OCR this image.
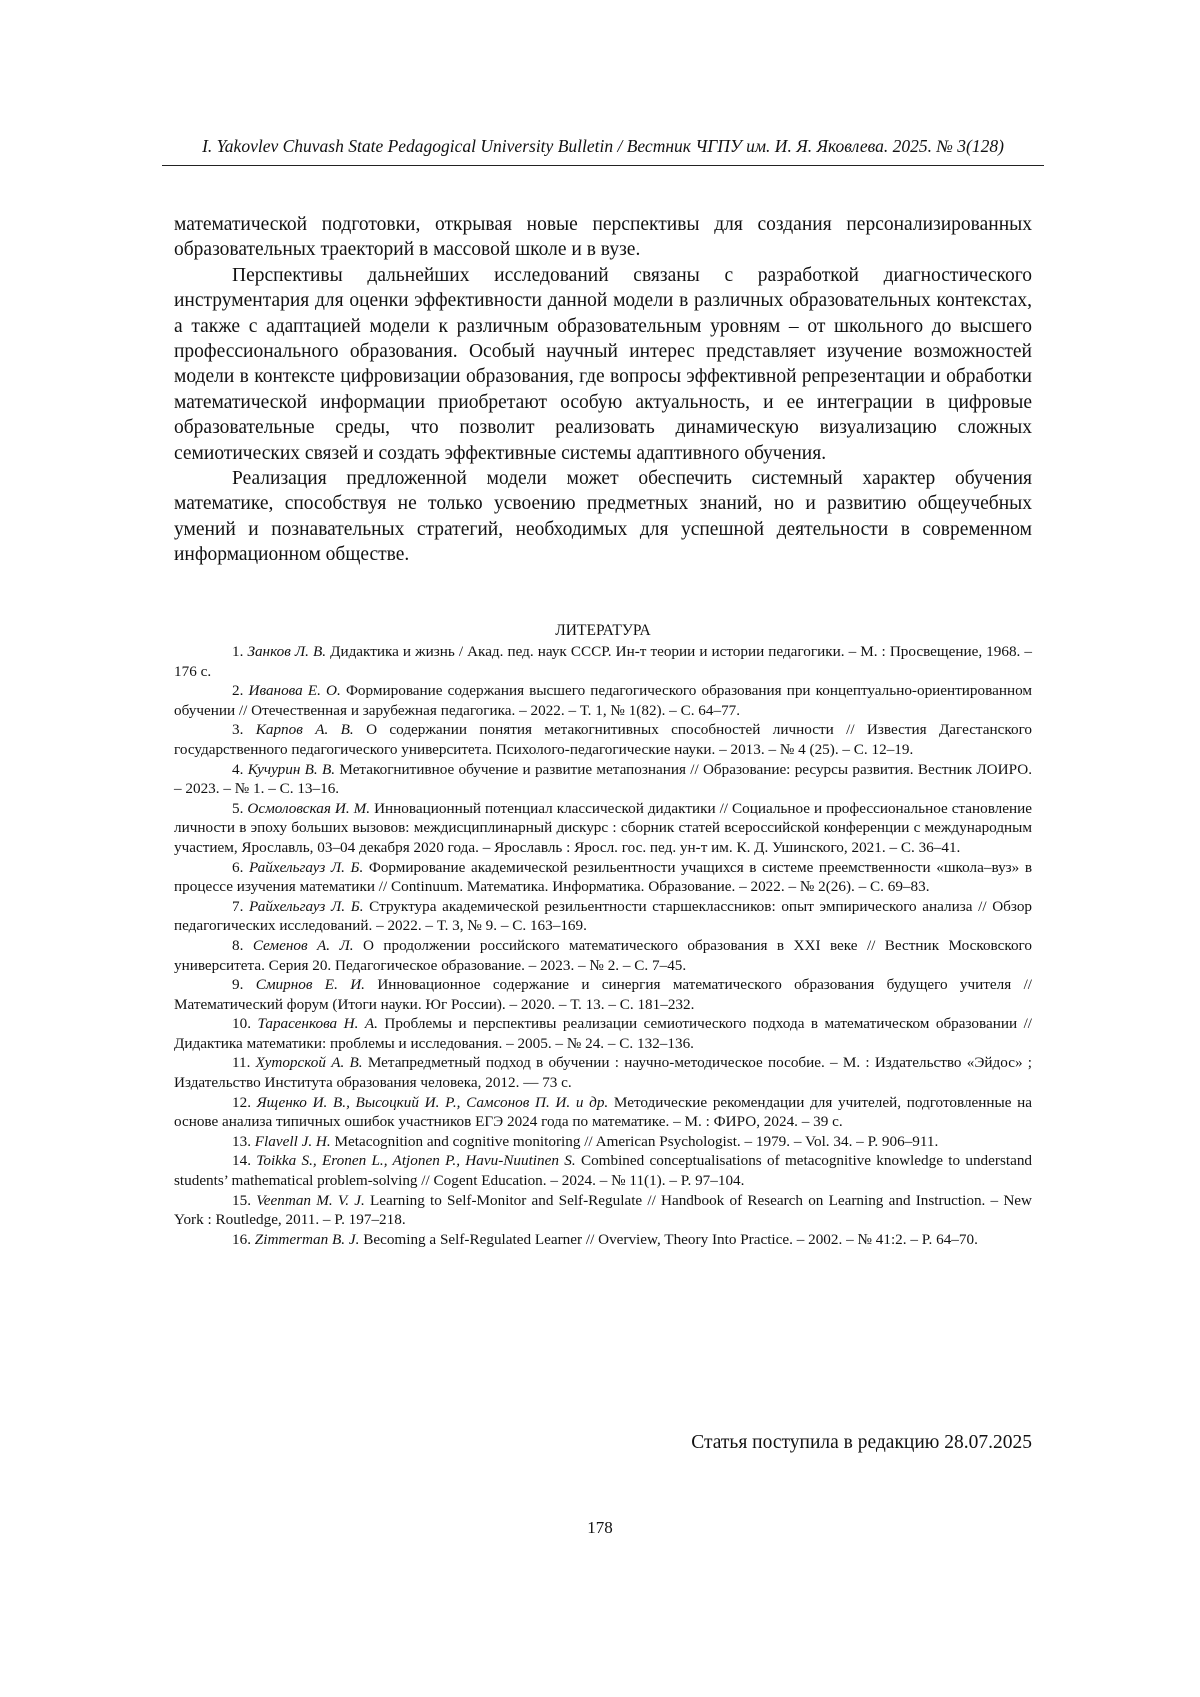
I. Yakovlev Chuvash State Pedagogical University Bulletin / Вестник ЧГПУ им. И. Я. Яковлева. 2025. № 3(128)

математической подготовки, открывая новые перспективы для создания персонализированных образовательных траекторий в массовой школе и в вузе.

Перспективы дальнейших исследований связаны с разработкой диагностического инструментария для оценки эффективности данной модели в различных образовательных контекстах, а также с адаптацией модели к различным образовательным уровням – от школьного до высшего профессионального образования. Особый научный интерес представляет изучение возможностей модели в контексте цифровизации образования, где вопросы эффективной репрезентации и обработки математической информации приобретают особую актуальность, и ее интеграции в цифровые образовательные среды, что позволит реализовать динамическую визуализацию сложных семиотических связей и создать эффективные системы адаптивного обучения.

Реализация предложенной модели может обеспечить системный характер обучения математике, способствуя не только усвоению предметных знаний, но и развитию общеучебных умений и познавательных стратегий, необходимых для успешной деятельности в современном информационном обществе.

ЛИТЕРАТУРА

1. Занков Л. В. Дидактика и жизнь / Акад. пед. наук СССР. Ин-т теории и истории педагогики. – М. : Просвещение, 1968. – 176 с.

2. Иванова Е. О. Формирование содержания высшего педагогического образования при концептуально-ориентированном обучении // Отечественная и зарубежная педагогика. – 2022. – Т. 1, № 1(82). – С. 64–77.

3. Карпов А. В. О содержании понятия метакогнитивных способностей личности // Известия Дагестанского государственного педагогического университета. Психолого-педагогические науки. – 2013. – № 4 (25). – С. 12–19.

4. Кучурин В. В. Метакогнитивное обучение и развитие метапознания // Образование: ресурсы развития. Вестник ЛОИРО. – 2023. – № 1. – С. 13–16.

5. Осмоловская И. М. Инновационный потенциал классической дидактики // Социальное и профессиональное становление личности в эпоху больших вызовов: междисциплинарный дискурс : сборник статей всероссийской конференции с международным участием, Ярославль, 03–04 декабря 2020 года. – Ярославль : Яросл. гос. пед. ун-т им. К. Д. Ушинского, 2021. – С. 36–41.

6. Райхельгауз Л. Б. Формирование академической резильентности учащихся в системе преемственности «школа–вуз» в процессе изучения математики // Continuum. Математика. Информатика. Образование. – 2022. – № 2(26). – С. 69–83.

7. Райхельгауз Л. Б. Структура академической резильентности старшеклассников: опыт эмпирического анализа // Обзор педагогических исследований. – 2022. – Т. 3, № 9. – С. 163–169.

8. Семенов А. Л. О продолжении российского математического образования в XXI веке // Вестник Московского университета. Серия 20. Педагогическое образование. – 2023. – № 2. – С. 7–45.

9. Смирнов Е. И. Инновационное содержание и синергия математического образования будущего учителя // Математический форум (Итоги науки. Юг России). – 2020. – Т. 13. – С. 181–232.

10. Тарасенкова Н. А. Проблемы и перспективы реализации семиотического подхода в математическом образовании // Дидактика математики: проблемы и исследования. – 2005. – № 24. – С. 132–136.

11. Хуторской А. В. Метапредметный подход в обучении : научно-методическое пособие. – М. : Издательство «Эйдос» ; Издательство Института образования человека, 2012. — 73 с.

12. Ященко И. В., Высоцкий И. Р., Самсонов П. И. и др. Методические рекомендации для учителей, подготовленные на основе анализа типичных ошибок участников ЕГЭ 2024 года по математике. – М. : ФИРО, 2024. – 39 с.

13. Flavell J. H. Metacognition and cognitive monitoring // American Psychologist. – 1979. – Vol. 34. – P. 906–911.

14. Toikka S., Eronen L., Atjonen P., Havu-Nuutinen S. Combined conceptualisations of metacognitive knowledge to understand students’ mathematical problem-solving // Cogent Education. – 2024. – № 11(1). – P. 97–104.

15. Veenman M. V. J. Learning to Self-Monitor and Self-Regulate // Handbook of Research on Learning and Instruction. – New York : Routledge, 2011. – P. 197–218.

16. Zimmerman B. J. Becoming a Self-Regulated Learner // Overview, Theory Into Practice. – 2002. – № 41:2. – P. 64–70.

Статья поступила в редакцию 28.07.2025
178
